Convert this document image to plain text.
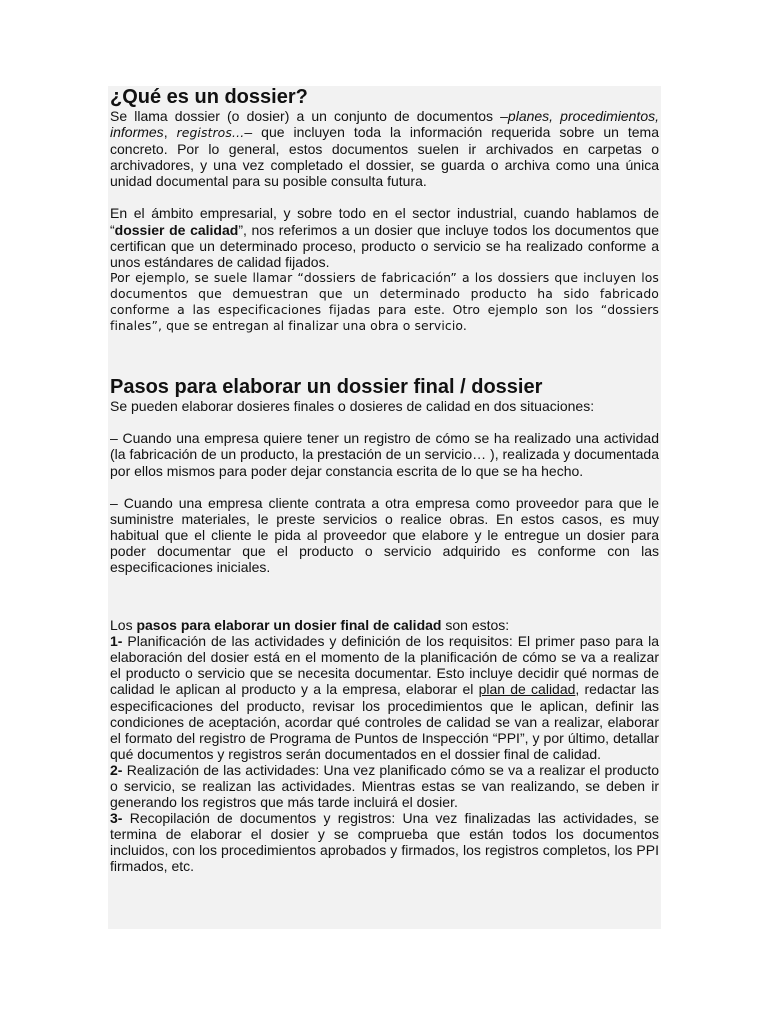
¿Qué es un dossier?

Se llama dossier (o dosier) a un conjunto de documentos –planes, procedimientos, informes, registros…– que incluyen toda la información requerida sobre un tema concreto. Por lo general, estos documentos suelen ir archivados en carpetas o archivadores, y una vez completado el dossier, se guarda o archiva como una única unidad documental para su posible consulta futura.

En el ámbito empresarial, y sobre todo en el sector industrial, cuando hablamos de “dossier de calidad”, nos referimos a un dosier que incluye todos los documentos que certifican que un determinado proceso, producto o servicio se ha realizado conforme a unos estándares de calidad fijados.

Por ejemplo, se suele llamar “dossiers de fabricación” a los dossiers que incluyen los documentos que demuestran que un determinado producto ha sido fabricado conforme a las especificaciones fijadas para este. Otro ejemplo son los “dossiers finales”, que se entregan al finalizar una obra o servicio.

Pasos para elaborar un dossier final / dossier

Se pueden elaborar dosieres finales o dosieres de calidad en dos situaciones:

– Cuando una empresa quiere tener un registro de cómo se ha realizado una actividad (la fabricación de un producto, la prestación de un servicio… ), realizada y documentada por ellos mismos para poder dejar constancia escrita de lo que se ha hecho.

– Cuando una empresa cliente contrata a otra empresa como proveedor para que le suministre materiales, le preste servicios o realice obras. En estos casos, es muy habitual que el cliente le pida al proveedor que elabore y le entregue un dosier para poder documentar que el producto o servicio adquirido es conforme con las especificaciones iniciales.

Los pasos para elaborar un dosier final de calidad son estos:

1- Planificación de las actividades y definición de los requisitos: El primer paso para la elaboración del dosier está en el momento de la planificación de cómo se va a realizar el producto o servicio que se necesita documentar. Esto incluye decidir qué normas de calidad le aplican al producto y a la empresa, elaborar el plan de calidad, redactar las especificaciones del producto, revisar los procedimientos que le aplican, definir las condiciones de aceptación, acordar qué controles de calidad se van a realizar, elaborar el formato del registro de Programa de Puntos de Inspección “PPI”, y por último, detallar qué documentos y registros serán documentados en el dossier final de calidad.

2- Realización de las actividades: Una vez planificado cómo se va a realizar el producto o servicio, se realizan las actividades. Mientras estas se van realizando, se deben ir generando los registros que más tarde incluirá el dosier.

3- Recopilación de documentos y registros: Una vez finalizadas las actividades, se termina de elaborar el dosier y se comprueba que están todos los documentos incluidos, con los procedimientos aprobados y firmados, los registros completos, los PPI firmados, etc.
